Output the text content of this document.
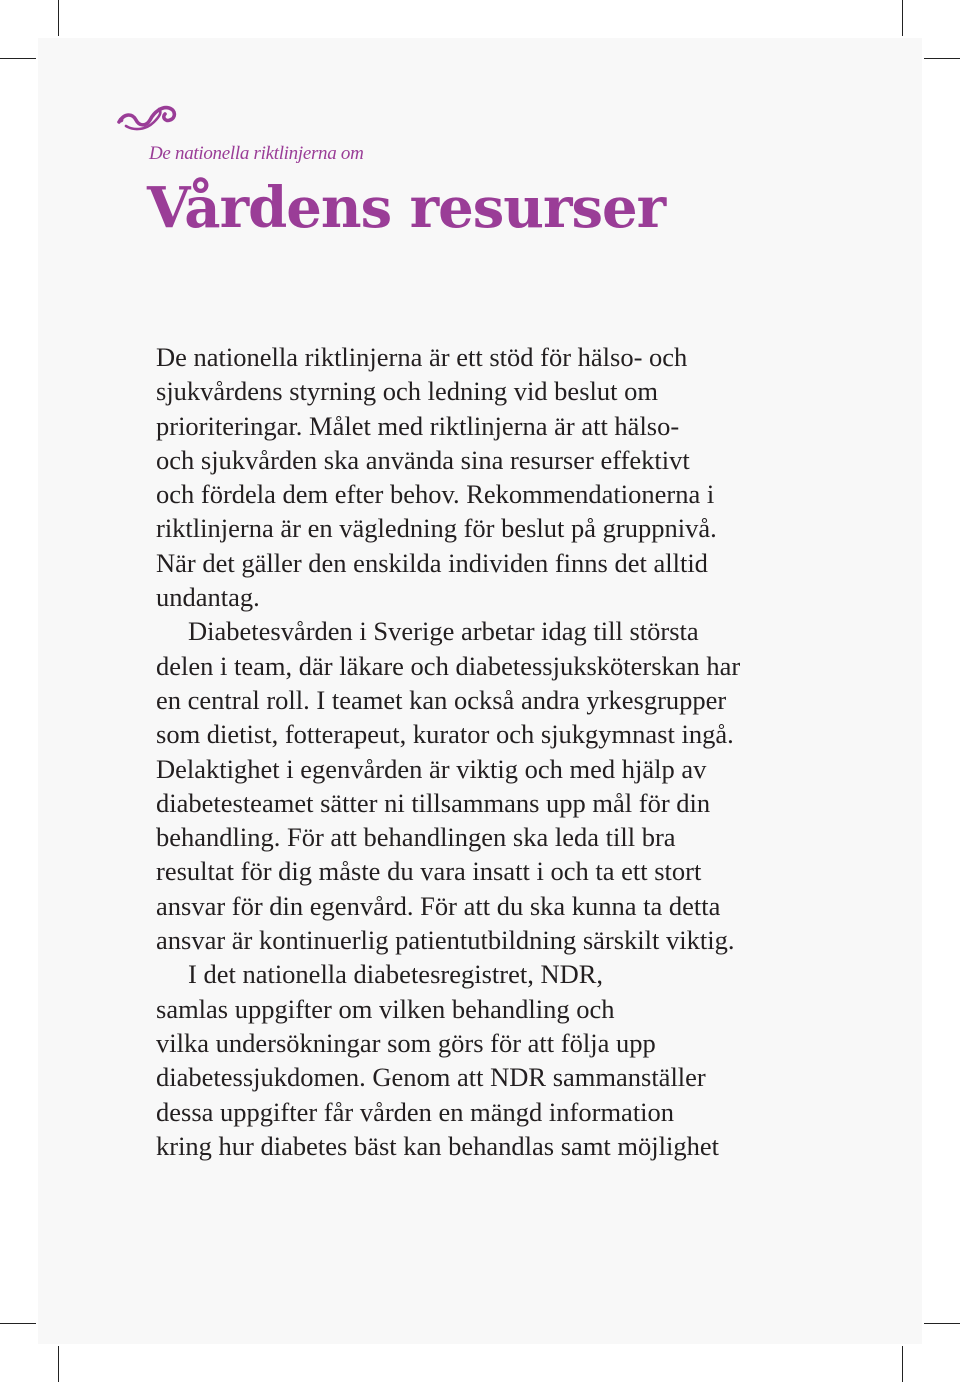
De nationella riktlinjerna om
Vårdens resurser
De nationella riktlinjerna är ett stöd för hälso- och
sjukvårdens styrning och ledning vid beslut om
prioriteringar. Målet med riktlinjerna är att hälso-
och sjukvården ska använda sina resurser effektivt
och fördela dem efter behov. Rekommendationerna i
riktlinjerna är en vägledning för beslut på gruppnivå.
När det gäller den enskilda individen finns det alltid
undantag.
Diabetesvården i Sverige arbetar idag till största
delen i team, där läkare och diabetessjuksköterskan har
en central roll. I teamet kan också andra yrkesgrupper
som dietist, fotterapeut, kurator och sjukgymnast ingå.
Delaktighet i egenvården är viktig och med hjälp av
diabetesteamet sätter ni tillsammans upp mål för din
behandling. För att behandlingen ska leda till bra
resultat för dig måste du vara insatt i och ta ett stort
ansvar för din egenvård. För att du ska kunna ta detta
ansvar är kontinuerlig patientutbildning särskilt viktig.
I det nationella diabetesregistret, NDR,
samlas uppgifter om vilken behandling och
vilka undersökningar som görs för att följa upp
diabetessjukdomen. Genom att NDR sammanställer
dessa uppgifter får vården en mängd information
kring hur diabetes bäst kan behandlas samt möjlighet
